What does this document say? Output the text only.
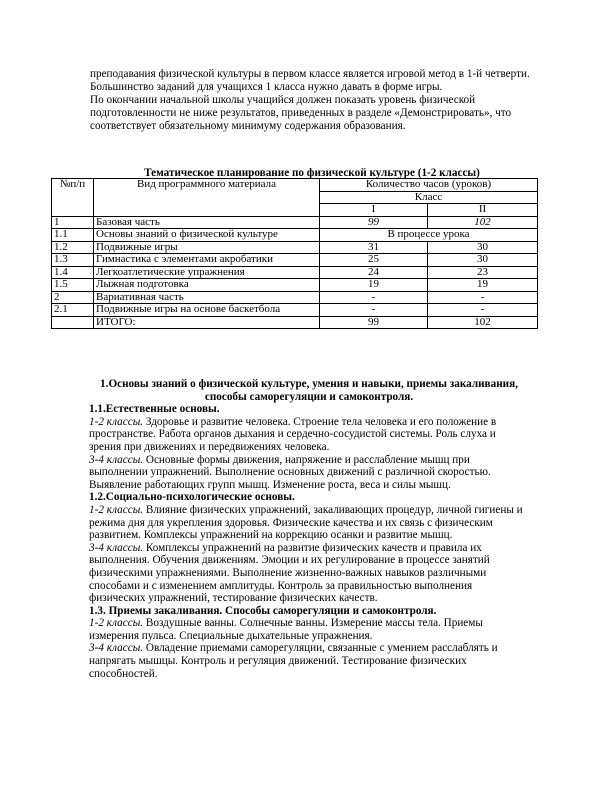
преподавания физической культуры в первом классе является игровой метод в 1-й четверти. Большинство заданий для учащихся 1 класса нужно давать в форме игры.

По окончании начальной школы учащийся должен показать уровень физической подготовленности не ниже результатов, приведенных в разделе «Демонстрировать», что соответствует обязательному минимуму содержания образования.

Тематическое планирование по физической культуре (1-2 классы)
№п/п	Вид программного материала	Количество часов (уроков)	
		Класс	
		I	II
1	Базовая часть	99	102
1.1	Основы знаний о физической культуре	В процессе урока	
1.2	Подвижные игры	31	30
1.3	Гимнастика с элементами акробатики	25	30
1.4	Легкоатлетические упражнения	24	23
1.5	Лыжная подготовка	19	19
2	Вариативная часть	-	-
2.1	Подвижные игры на основе баскетбола	-	-
	ИТОГО:	99	102

1.Основы знаний о физической культуре, умения и навыки, приемы закаливания, способы саморегуляции и самоконтроля.

1.1.Естественные основы.

1-2 классы. Здоровье и развитие человека. Строение тела человека и его положение в пространстве. Работа органов дыхания и сердечно-сосудистой системы. Роль слуха и зрения при движениях и передвижениях человека.

3-4 классы. Основные формы движения, напряжение и расслабление мышц при выполнении упражнений. Выполнение основных движений с различной скоростью. Выявление работающих групп мышц. Изменение роста, веса и силы мышц.

1.2.Социально-психологические основы.

1-2 классы. Влияние физических упражнений, закаливающих процедур, личной гигиены и режима дня для укрепления здоровья. Физические качества и их связь с физическим развитием. Комплексы упражнений на коррекцию осанки и развитие мышц.

3-4 классы. Комплексы упражнений на развитие физических качеств и правила их выполнения. Обучения движениям. Эмоции и их регулирование в процессе занятий физическими упражнениями. Выполнение жизненно-важных навыков различными способами и с изменением амплитуды. Контроль за правильностью выполнения физических упражнений, тестирование физических качеств.

1.3. Приемы закаливания. Способы саморегуляции и самоконтроля.

1-2 классы. Воздушные ванны. Солнечные ванны. Измерение массы тела. Приемы измерения пульса. Специальные дыхательные упражнения.

3-4 классы. Овладение приемами саморегуляции, связанные с умением расслаблять и напрягать мышцы. Контроль и регуляция движений. Тестирование физических способностей.
